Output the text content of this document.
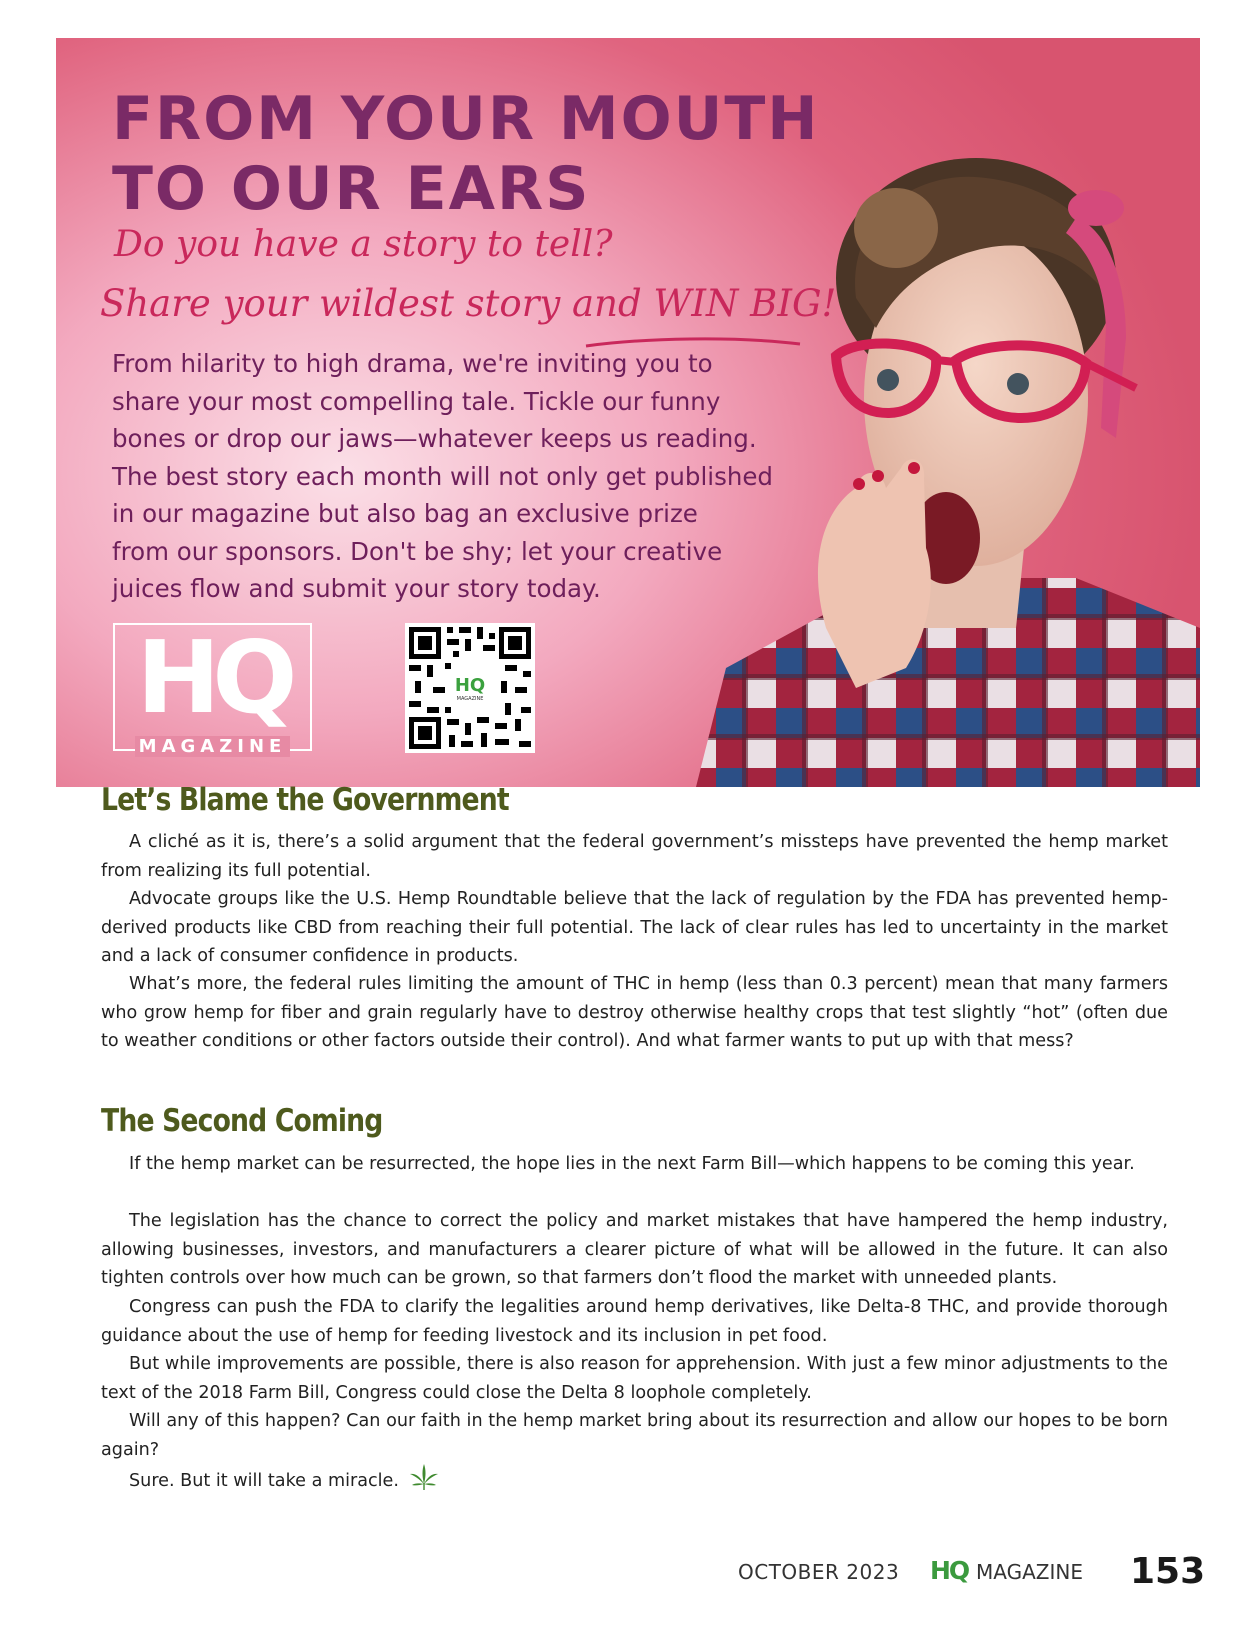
FROM YOUR MOUTH
TO OUR EARS

Do you have a story to tell?

Share your wildest story and WIN BIG!

From hilarity to high drama, we're inviting you to
share your most compelling tale. Tickle our funny
bones or drop our jaws—whatever keeps us reading.
The best story each month will not only get published
in our magazine but also bag an exclusive prize
from our sponsors. Don't be shy; let your creative
juices flow and submit your story today.

HQ
MAGAZINE
HQ
MAGAZINE
Let’s Blame the Government

A cliché as it is, there’s a solid argument that the federal government’s missteps have prevented the hemp market from realizing its full potential.

Advocate groups like the U.S. Hemp Roundtable believe that the lack of regulation by the FDA has prevented hemp-derived products like CBD from reaching their full potential. The lack of clear rules has led to uncertainty in the market and a lack of consumer confidence in products.

What’s more, the federal rules limiting the amount of THC in hemp (less than 0.3 percent) mean that many farmers who grow hemp for fiber and grain regularly have to destroy otherwise healthy crops that test slightly “hot” (often due to weather conditions or other factors outside their control). And what farmer wants to put up with that mess?

The Second Coming

If the hemp market can be resurrected, the hope lies in the next Farm Bill—which happens to be coming this year.

The legislation has the chance to correct the policy and market mistakes that have hampered the hemp industry, allowing businesses, investors, and manufacturers a clearer picture of what will be allowed in the future. It can also tighten controls over how much can be grown, so that farmers don’t flood the market with unneeded plants.

Congress can push the FDA to clarify the legalities around hemp derivatives, like Delta-8 THC, and provide thorough guidance about the use of hemp for feeding livestock and its inclusion in pet food.

But while improvements are possible, there is also reason for apprehension. With just a few minor adjustments to the text of the 2018 Farm Bill, Congress could close the Delta 8 loophole completely.

Will any of this happen? Can our faith in the hemp market bring about its resurrection and allow our hopes to be born again?

Sure. But it will take a miracle.

OCTOBER 2023 HQ MAGAZINE 153
